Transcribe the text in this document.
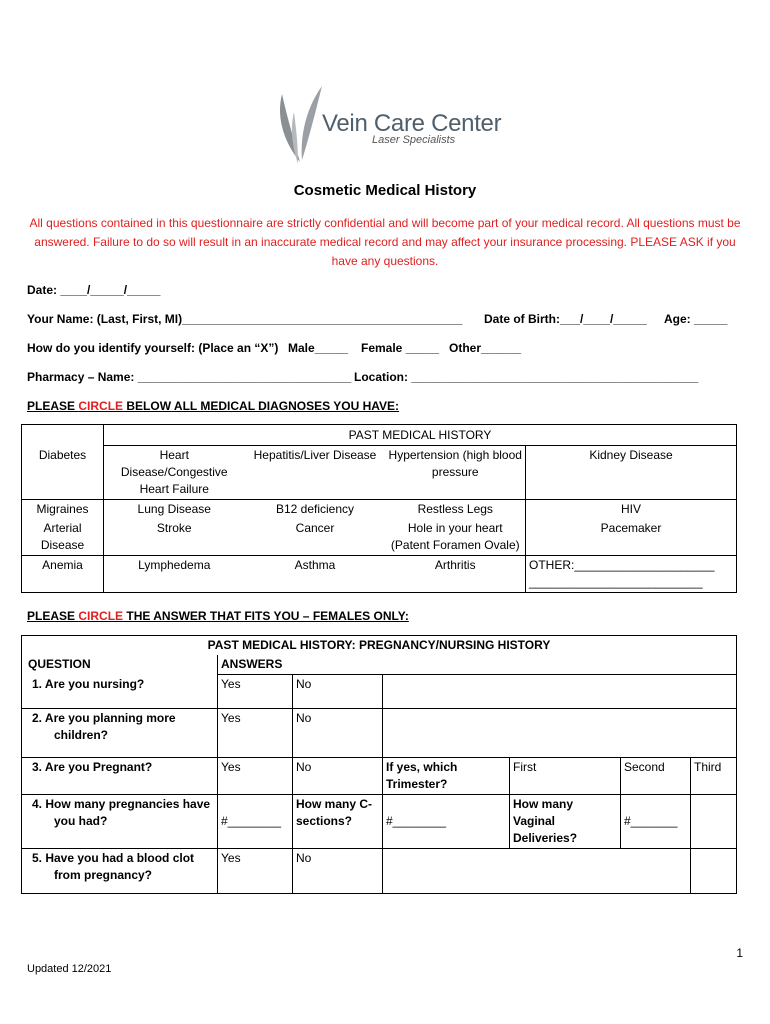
Vein Care Center
Laser Specialists
Cosmetic Medical History
All questions contained in this questionnaire are strictly confidential and will become part of your medical record. All questions must be answered. Failure to do so will result in an inaccurate medical record and may affect your insurance processing. PLEASE ASK if you have any questions.
Date: ____/_____/_____
Your Name: (Last, First, MI)__________________________________________ Date of Birth:___/____/_____ Age: _____
How do you identify yourself: (Place an “X”) Male_____ Female _____ Other______
Pharmacy – Name: ________________________________ Location: ___________________________________________
PLEASE CIRCLE BELOW ALL MEDICAL DIAGNOSES YOU HAVE:
	PAST MEDICAL HISTORY			
Diabetes	Heart Disease/Congestive Heart Failure	Hepatitis/Liver Disease	Hypertension (high blood pressure	Kidney Disease
Migraines	Lung Disease	B12 deficiency	Restless Legs	HIV
Arterial Disease	Stroke	Cancer	Hole in your heart (Patent Foramen Ovale)	Pacemaker
Anemia	Lymphedema	Asthma	Arthritis	OTHER:_____________________ __________________________
PLEASE CIRCLE THE ANSWER THAT FITS YOU – FEMALES ONLY:
PAST MEDICAL HISTORY: PREGNANCY/NURSING HISTORY						
QUESTION	ANSWERS					
1. Are you nursing?	Yes	No				
2. Are you planning more children?	Yes	No				
3. Are you Pregnant?	Yes	No	If yes, which Trimester?	First	Second	Third
4. How many pregnancies have you had?	#________	How many C-sections?	#________	How many Vaginal Deliveries?	#_______	
5. Have you had a blood clot from pregnancy?	Yes	No				
1
Updated 12/2021
